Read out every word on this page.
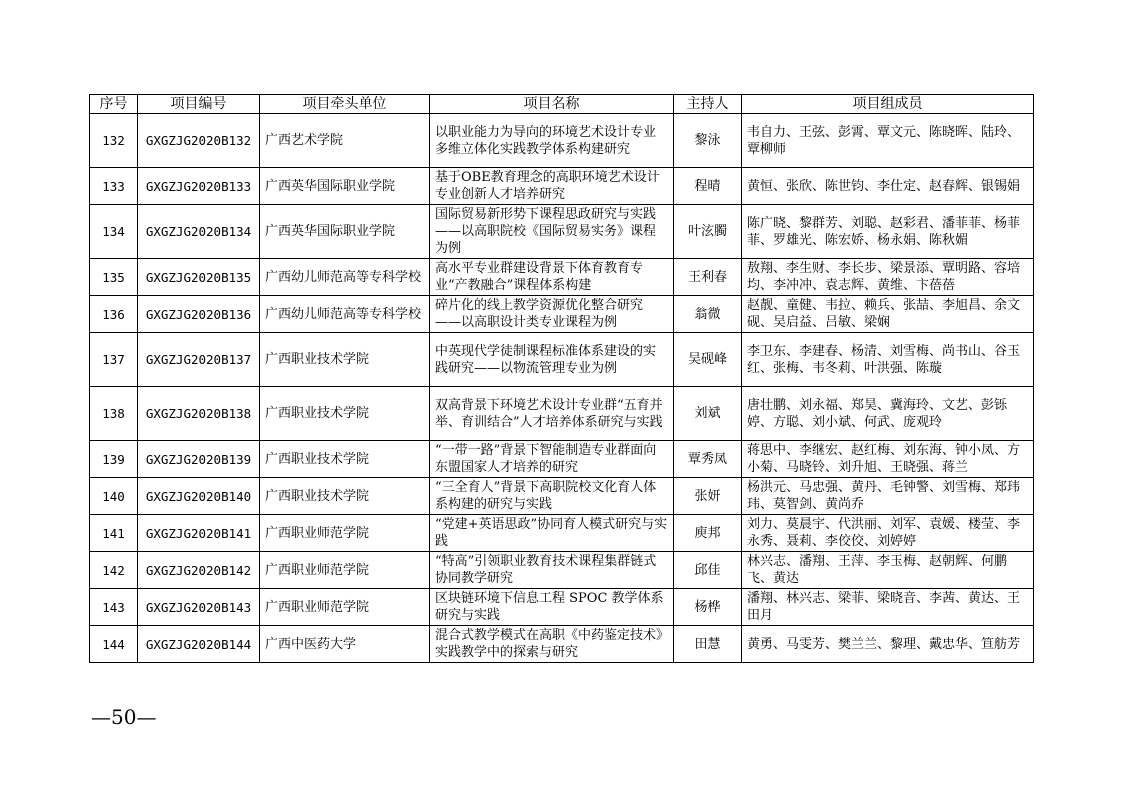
序号	项目编号	项目牵头单位	项目名称	主持人	项目组成员
132	GXGZJG2020B132	广西艺术学院	以职业能力为导向的环境艺术设计专业多维立体化实践教学体系构建研究	黎泳	韦自力、王弦、彭霄、覃文元、陈晓晖、陆玲、覃柳师
133	GXGZJG2020B133	广西英华国际职业学院	基于OBE教育理念的高职环境艺术设计专业创新人才培养研究	程晴	黄恒、张欣、陈世钧、李仕定、赵春辉、银锡娟
134	GXGZJG2020B134	广西英华国际职业学院	国际贸易新形势下课程思政研究与实践——以高职院校《国际贸易实务》课程为例	叶泫臅	陈广晓、黎群芳、刘聪、赵彩君、潘菲菲、杨菲菲、罗雄光、陈宏娇、杨永娟、陈秋媚
135	GXGZJG2020B135	广西幼儿师范高等专科学校	高水平专业群建设背景下体育教育专业“产教融合”课程体系构建	王利春	敖翔、李生财、李长步、梁景添、覃明路、容培均、李冲冲、袁志辉、黄维、卞蓓蓓
136	GXGZJG2020B136	广西幼儿师范高等专科学校	碎片化的线上教学资源优化整合研究——以高职设计类专业课程为例	翁微	赵靓、童健、韦拉、赖兵、张喆、李旭昌、余文砚、吴启益、吕敏、梁娴
137	GXGZJG2020B137	广西职业技术学院	中英现代学徒制课程标准体系建设的实践研究——以物流管理专业为例	吴砚峰	李卫东、李建春、杨清、刘雪梅、尚书山、谷玉红、张梅、韦冬莉、叶洪强、陈璇
138	GXGZJG2020B138	广西职业技术学院	双高背景下环境艺术设计专业群“五育并举、育训结合”人才培养体系研究与实践	刘斌	唐壮鹏、刘永福、郑昊、冀海玲、文艺、彭铄婷、方聪、刘小斌、何武、庞观玲
139	GXGZJG2020B139	广西职业技术学院	“一带一路”背景下智能制造专业群面向东盟国家人才培养的研究	覃秀凤	蒋思中、李继宏、赵红梅、刘东海、钟小凤、方小菊、马晓铃、刘升旭、王晓强、蒋兰
140	GXGZJG2020B140	广西职业技术学院	“三全育人”背景下高职院校文化育人体系构建的研究与实践	张妍	杨洪元、马忠强、黄丹、毛钟警、刘雪梅、郑玮玮、莫智剑、黄尚乔
141	GXGZJG2020B141	广西职业师范学院	“党建+英语思政”协同育人模式研究与实践	庾邦	刘力、莫晨宇、代洪丽、刘军、袁媛、楼莹、李永秀、聂莉、李佼佼、刘婷婷
142	GXGZJG2020B142	广西职业师范学院	“特高”引领职业教育技术课程集群链式协同教学研究	邱佳	林兴志、潘翔、王萍、李玉梅、赵朝辉、何鹏飞、黄达
143	GXGZJG2020B143	广西职业师范学院	区块链环境下信息工程 SPOC 教学体系研究与实践	杨桦	潘翔、林兴志、梁菲、梁晓音、李茜、黄达、王田月
144	GXGZJG2020B144	广西中医药大学	混合式教学模式在高职《中药鉴定技术》实践教学中的探索与研究	田慧	黄勇、马雯芳、樊兰兰、黎理、戴忠华、笪舫芳
—50—
